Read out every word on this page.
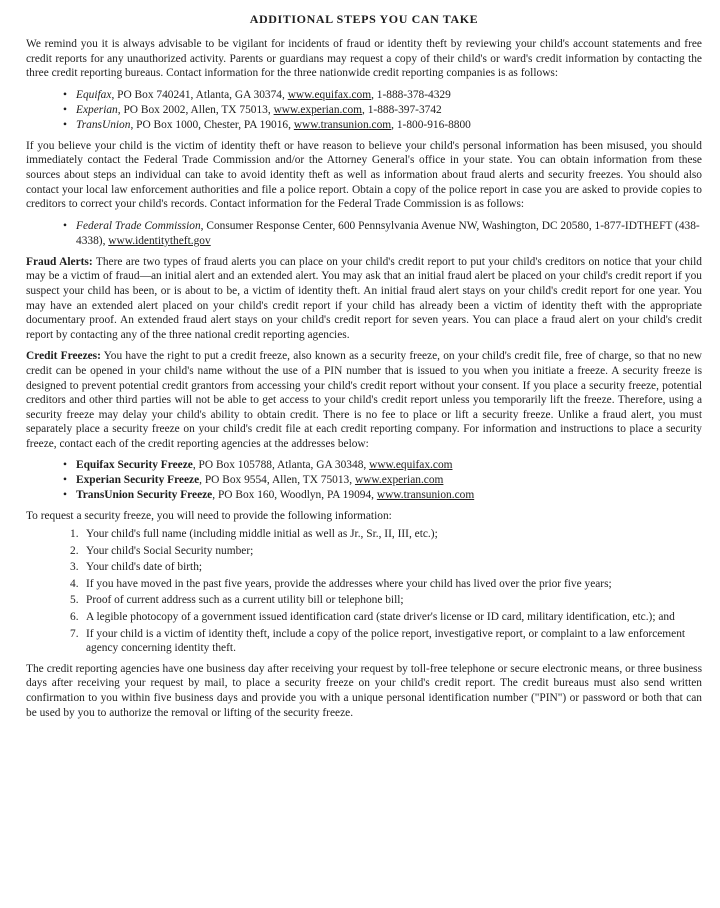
ADDITIONAL STEPS YOU CAN TAKE

We remind you it is always advisable to be vigilant for incidents of fraud or identity theft by reviewing your child's account statements and free credit reports for any unauthorized activity. Parents or guardians may request a copy of their child's or ward's credit information by contacting the three credit reporting bureaus. Contact information for the three nationwide credit reporting companies is as follows:

• Equifax, PO Box 740241, Atlanta, GA 30374, www.equifax.com, 1-888-378-4329
• Experian, PO Box 2002, Allen, TX 75013, www.experian.com, 1-888-397-3742
• TransUnion, PO Box 1000, Chester, PA 19016, www.transunion.com, 1-800-916-8800

If you believe your child is the victim of identity theft or have reason to believe your child's personal information has been misused, you should immediately contact the Federal Trade Commission and/or the Attorney General's office in your state. You can obtain information from these sources about steps an individual can take to avoid identity theft as well as information about fraud alerts and security freezes. You should also contact your local law enforcement authorities and file a police report. Obtain a copy of the police report in case you are asked to provide copies to creditors to correct your child's records. Contact information for the Federal Trade Commission is as follows:

• Federal Trade Commission, Consumer Response Center, 600 Pennsylvania Avenue NW, Washington, DC 20580, 1-877-IDTHEFT (438-4338), www.identitytheft.gov

Fraud Alerts: There are two types of fraud alerts you can place on your child's credit report to put your child's creditors on notice that your child may be a victim of fraud—an initial alert and an extended alert. You may ask that an initial fraud alert be placed on your child's credit report if you suspect your child has been, or is about to be, a victim of identity theft. An initial fraud alert stays on your child's credit report for one year. You may have an extended alert placed on your child's credit report if your child has already been a victim of identity theft with the appropriate documentary proof. An extended fraud alert stays on your child's credit report for seven years. You can place a fraud alert on your child's credit report by contacting any of the three national credit reporting agencies.

Credit Freezes: You have the right to put a credit freeze, also known as a security freeze, on your child's credit file, free of charge, so that no new credit can be opened in your child's name without the use of a PIN number that is issued to you when you initiate a freeze. A security freeze is designed to prevent potential credit grantors from accessing your child's credit report without your consent. If you place a security freeze, potential creditors and other third parties will not be able to get access to your child's credit report unless you temporarily lift the freeze. Therefore, using a security freeze may delay your child's ability to obtain credit. There is no fee to place or lift a security freeze. Unlike a fraud alert, you must separately place a security freeze on your child's credit file at each credit reporting company. For information and instructions to place a security freeze, contact each of the credit reporting agencies at the addresses below:

• Equifax Security Freeze, PO Box 105788, Atlanta, GA 30348, www.equifax.com
• Experian Security Freeze, PO Box 9554, Allen, TX 75013, www.experian.com
• TransUnion Security Freeze, PO Box 160, Woodlyn, PA 19094, www.transunion.com

To request a security freeze, you will need to provide the following information:

1. Your child's full name (including middle initial as well as Jr., Sr., II, III, etc.);
2. Your child's Social Security number;
3. Your child's date of birth;
4. If you have moved in the past five years, provide the addresses where your child has lived over the prior five years;
5. Proof of current address such as a current utility bill or telephone bill;
6. A legible photocopy of a government issued identification card (state driver's license or ID card, military identification, etc.); and
7. If your child is a victim of identity theft, include a copy of the police report, investigative report, or complaint to a law enforcement agency concerning identity theft.

The credit reporting agencies have one business day after receiving your request by toll-free telephone or secure electronic means, or three business days after receiving your request by mail, to place a security freeze on your child's credit report. The credit bureaus must also send written confirmation to you within five business days and provide you with a unique personal identification number ("PIN") or password or both that can be used by you to authorize the removal or lifting of the security freeze.
